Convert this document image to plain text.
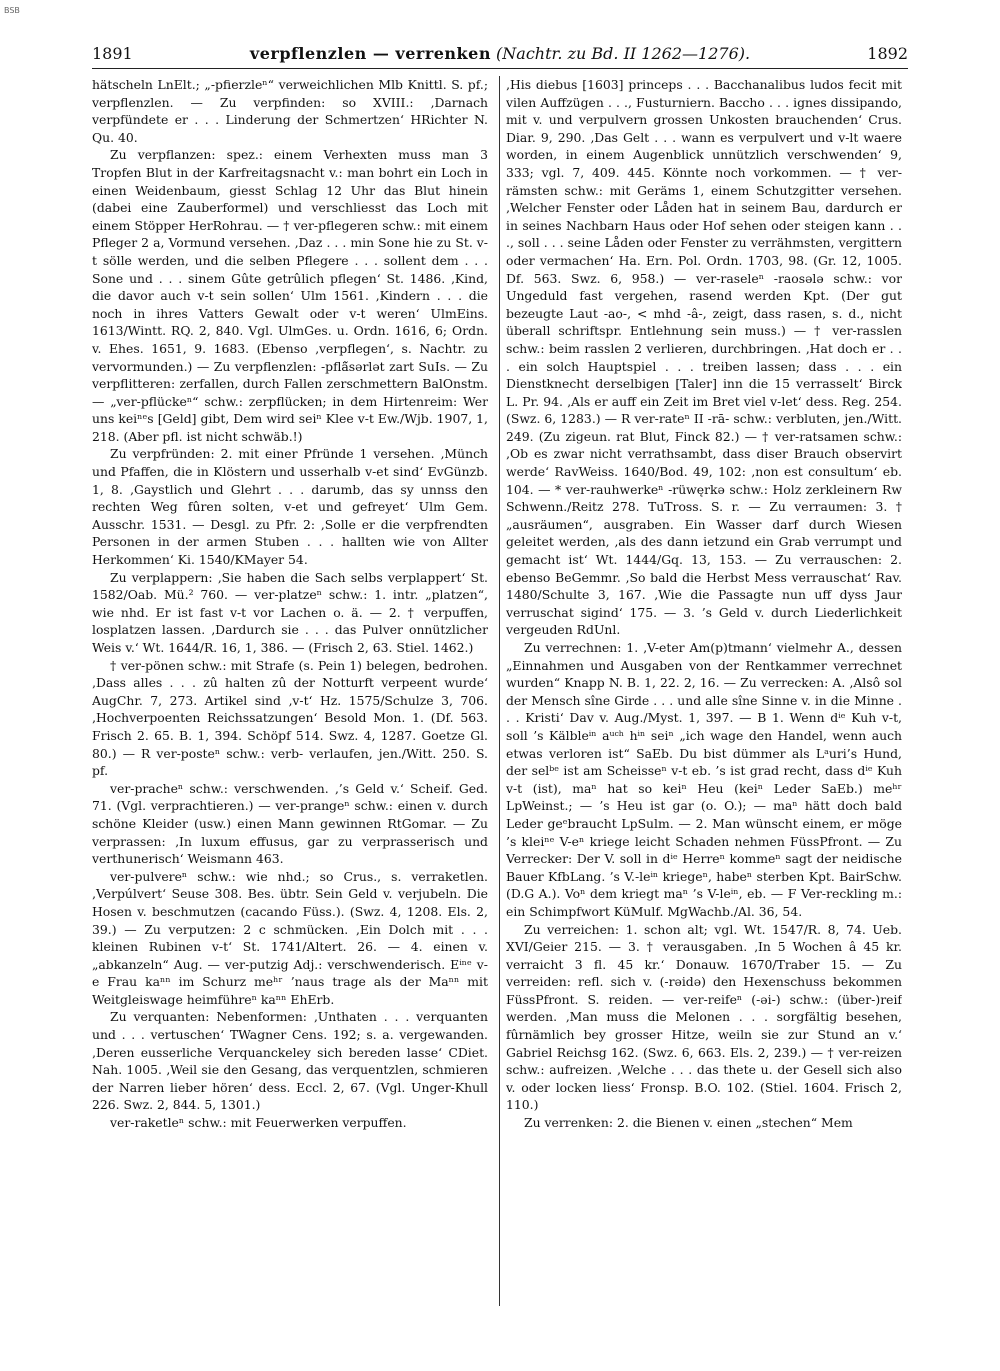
BSB
1891	verpflenzlen — verrenken (Nachtr. zu Bd. II 1262—1276).	1892

hätscheln LnElt.; „-pfierzleⁿ“ verweichlichen Mlb Knittl. S. pf.; verpflenzlen. — Zu verpfinden: so XVIII.: ‚Darnach verpfündete er . . . Linderung der Schmertzen‘ HRichter N. Qu. 40.

Zu verpflanzen: spez.: einem Verhexten muss man 3 Tropfen Blut in der Karfreitagsnacht v.: man bohrt ein Loch in einen Weidenbaum, giesst Schlag 12 Uhr das Blut hinein (dabei eine Zauberformel) und verschliesst das Loch mit einem Stöpper HerRohrau. — † ver-pflegeren schw.: mit einem Pfleger 2 a, Vormund versehen. ‚Daz . . . min Sone hie zu St. v-t sölle werden, und die selben Pflegere . . . sollent dem . . . Sone und . . . sinem Gûte getrûlich pflegen‘ St. 1486. ‚Kind, die davor auch v-t sein sollen‘ Ulm 1561. ‚Kindern . . . die noch in ihres Vatters Gewalt oder v-t weren‘ UlmEins. 1613/Wintt. RQ. 2, 840. Vgl. UlmGes. u. Ordn. 1616, 6; Ordn. v. Ehes. 1651, 9. 1683. (Ebenso ‚verpflegen‘, s. Nachtr. zu vervormunden.) — Zu verpflenzlen: -pflä̃sərlət zart SuIs. — Zu verpflitteren: zerfallen, durch Fallen zerschmettern BalOnstm. — „ver-pflückeⁿ“ schw.: zerpflücken; in dem Hirtenreim: Wer uns keiⁿᵉs [Geld] gibt, Dem wird seiⁿ Klee v-t Ew./Wjb. 1907, 1, 218. (Aber pfl. ist nicht schwäb.!)

Zu verpfründen: 2. mit einer Pfründe 1 versehen. ‚Münch und Pfaffen, die in Klöstern und usserhalb v-et sind‘ EvGünzb. 1, 8. ‚Gaystlich und Glehrt . . . darumb, das sy unnss den rechten Weg fûren solten, v-et und gefreyet‘ Ulm Gem. Ausschr. 1531. — Desgl. zu Pfr. 2: ‚Solle er die verpfrendten Personen in der armen Stuben . . . hallten wie von Allter Herkommen‘ Ki. 1540/KMayer 54.

Zu verplappern: ‚Sie haben die Sach selbs verplappert‘ St. 1582/Oab. Mü.² 760. — ver-platzeⁿ schw.: 1. intr. „platzen“, wie nhd. Er ist fast v-t vor Lachen o. ä. — 2. † verpuffen, losplatzen lassen. ‚Dardurch sie . . . das Pulver onnützlicher Weis v.‘ Wt. 1644/R. 16, 1, 386. — (Frisch 2, 63. Stiel. 1462.)

† ver-pönen schw.: mit Strafe (s. Pein 1) belegen, bedrohen. ‚Dass alles . . . zû halten zû der Notturft verpeent wurde‘ AugChr. 7, 273. Artikel sind ‚v-t‘ Hz. 1575/Schulze 3, 706. ‚Hochverpoenten Reichssatzungen‘ Besold Mon. 1. (Df. 563. Frisch 2. 65. B. 1, 394. Schöpf 514. Swz. 4, 1287. Goetze Gl. 80.) — R ver-posteⁿ schw.: verb- verlaufen, jen./Witt. 250. S. pf.

ver-pracheⁿ schw.: verschwenden. ‚’s Geld v.‘ Scheif. Ged. 71. (Vgl. verprachtieren.) — ver-prangeⁿ schw.: einen v. durch schöne Kleider (usw.) einen Mann gewinnen RtGomar. — Zu verprassen: ‚In luxum effusus, gar zu verprasserisch und verthunerisch‘ Weismann 463.

ver-pulvereⁿ schw.: wie nhd.; so Crus., s. verraketlen. ‚Verpúlvert‘ Seuse 308. Bes. übtr. Sein Geld v. verjubeln. Die Hosen v. beschmutzen (cacando Füss.). (Swz. 4, 1208. Els. 2, 39.) — Zu verputzen: 2 c schmücken. ‚Ein Dolch mit . . . kleinen Rubinen v-t‘ St. 1741/Altert. 26. — 4. einen v. „abkanzeln“ Aug. — ver-putzig Adj.: verschwenderisch. Eⁱⁿᵉ v-e Frau kaⁿⁿ im Schurz meʰʳ ’naus trage als der Maⁿⁿ mit Weitgleiswage heimführeⁿ kaⁿⁿ EhErb.

Zu verquanten: Nebenformen: ‚Unthaten . . . verquanten und . . . vertuschen‘ TWagner Cens. 192; s. a. vergewanden. ‚Deren eusserliche Verquanckeley sich bereden lasse‘ CDiet. Nah. 1005. ‚Weil sie den Gesang, das verquentzlen, schmieren der Narren lieber hören‘ dess. Eccl. 2, 67. (Vgl. Unger-Khull 226. Swz. 2, 844. 5, 1301.)

ver-raketleⁿ schw.: mit Feuerwerken verpuffen.

‚His diebus [1603] princeps . . . Bacchanalibus ludos fecit mit vilen Auffzügen . . ., Fusturniern. Baccho . . . ignes dissipando, mit v. und verpulvern grossen Unkosten brauchenden‘ Crus. Diar. 9, 290. ‚Das Gelt . . . wann es verpulvert und v-lt waere worden, in einem Augenblick unnützlich verschwenden‘ 9, 333; vgl. 7, 409. 445. Könnte noch vorkommen. — † ver-rämsten schw.: mit Geräms 1, einem Schutzgitter versehen. ‚Welcher Fenster oder Låden hat in seinem Bau, dardurch er in seines Nachbarn Haus oder Hof sehen oder steigen kann . . ., soll . . . seine Låden oder Fenster zu verrähmsten, vergittern oder vermachen‘ Ha. Ern. Pol. Ordn. 1703, 98. (Gr. 12, 1005. Df. 563. Swz. 6, 958.) — ver-raseleⁿ -raosələ schw.: vor Ungeduld fast vergehen, rasend werden Kpt. (Der gut bezeugte Laut -ao-, < mhd -â-, zeigt, dass rasen, s. d., nicht überall schriftspr. Entlehnung sein muss.) — † ver-rasslen schw.: beim rasslen 2 verlieren, durchbringen. ‚Hat doch er . . . ein solch Hauptspiel . . . treiben lassen; dass . . . ein Dienstknecht derselbigen [Taler] inn die 15 verrasselt‘ Birck L. Pr. 94. ‚Als er auff ein Zeit im Bret viel v-let‘ dess. Reg. 254. (Swz. 6, 1283.) — R ver-rateⁿ II -rā- schw.: verbluten, jen./Witt. 249. (Zu zigeun. rat Blut, Finck 82.) — † ver-ratsamen schw.: ‚Ob es zwar nicht verrathsambt, dass diser Brauch observirt werde‘ RavWeiss. 1640/Bod. 49, 102: ‚non est consultum‘ eb. 104. — * ver-rauhwerkeⁿ -rüwęrkə schw.: Holz zerkleinern Rw Schwenn./Reitz 278. TuTross. S. r. — Zu verraumen: 3. † „ausräumen“, ausgraben. Ein Wasser darf durch Wiesen geleitet werden, ‚als des dann ietzund ein Grab verrumpt und gemacht ist‘ Wt. 1444/Gq. 13, 153. — Zu verrauschen: 2. ebenso BeGemmr. ‚So bald die Herbst Mess verrauschat‘ Rav. 1480/Schulte 3, 167. ‚Wie die Passagte nun uff dyss Jaur verruschat sigind‘ 175. — 3. ’s Geld v. durch Liederlichkeit vergeuden RdUnl.

Zu verrechnen: 1. ‚V-eter Am(p)tmann‘ vielmehr A., dessen „Einnahmen und Ausgaben von der Rentkammer verrechnet wurden“ Knapp N. B. 1, 22. 2, 16. — Zu verrecken: A. ‚Alsô sol der Mensch sîne Girde . . . und alle sîne Sinne v. in die Minne . . . Kristi‘ Dav v. Aug./Myst. 1, 397. — B 1. Wenn dⁱᵉ Kuh v-t, soll ’s Kälbleⁱⁿ aᵘᶜʰ hⁱⁿ seiⁿ „ich wage den Handel, wenn auch etwas verloren ist“ SaEb. Du bist dümmer als Lᵃuri’s Hund, der selᵇᵉ ist am Scheisseⁿ v-t eb. ’s ist grad recht, dass dⁱᵉ Kuh v-t (ist), maⁿ hat so keiⁿ Heu (keiⁿ Leder SaEb.) meʰʳ LpWeinst.; — ’s Heu ist gar (o. O.); — maⁿ hätt doch bald Leder geᵉbraucht LpSulm. — 2. Man wünscht einem, er möge ’s kleiⁿᵉ V-eⁿ kriege leicht Schaden nehmen FüssPfront. — Zu Verrecker: Der V. soll in dⁱᵉ Herreⁿ kommeⁿ sagt der neidische Bauer KfbLang. ’s V.-leⁱⁿ kriegeⁿ, habeⁿ sterben Kpt. BairSchw. (D.G A.). Voⁿ dem kriegt maⁿ ’s V-leⁱⁿ, eb. — F Ver-reckling m.: ein Schimpfwort KüMulf. MgWachb./Al. 36, 54.

Zu verreichen: 1. schon alt; vgl. Wt. 1547/R. 8, 74. Ueb. XVI/Geier 215. — 3. † verausgaben. ‚In 5 Wochen â 45 kr. verraicht 3 fl. 45 kr.‘ Donauw. 1670/Traber 15. — Zu verreiden: refl. sich v. (-rəidə) den Hexenschuss bekommen FüssPfront. S. reiden. — ver-reifeⁿ (-əi-) schw.: (über-)reif werden. ‚Man muss die Melonen . . . sorgfältig besehen, fûrnämlich bey grosser Hitze, weiln sie zur Stund an v.‘ Gabriel Reichsg 162. (Swz. 6, 663. Els. 2, 239.) — † ver-reizen schw.: aufreizen. ‚Welche . . . das thete u. der Gesell sich also v. oder locken liess‘ Fronsp. B.O. 102. (Stiel. 1604. Frisch 2, 110.)

Zu verrenken: 2. die Bienen v. einen „stechen“ Mem
